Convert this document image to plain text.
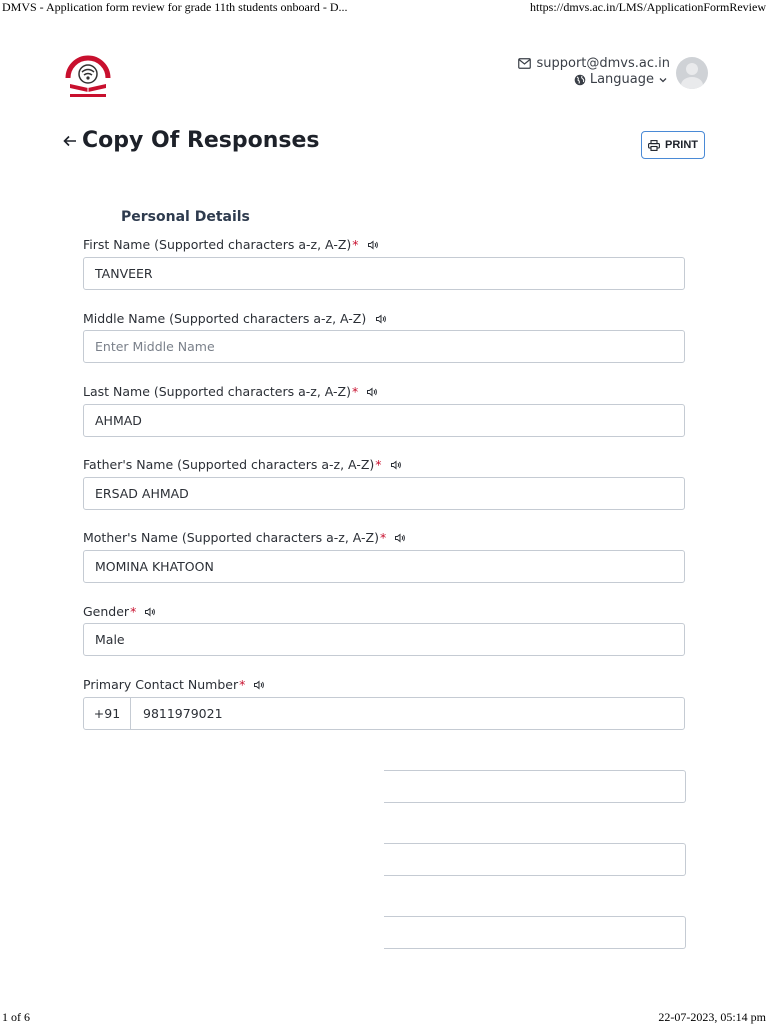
DMVS - Application form review for grade 11th students onboard - D...	https://dmvs.ac.in/LMS/ApplicationFormReview
support@dmvs.ac.in
Language
Copy Of Responses	PRINT
Personal Details
First Name (Supported characters a-z, A-Z) *
TANVEER
Middle Name (Supported characters a-z, A-Z)
Enter Middle Name
Last Name (Supported characters a-z, A-Z) *
AHMAD
Father's Name (Supported characters a-z, A-Z) *
ERSAD AHMAD
Mother's Name (Supported characters a-z, A-Z) *
MOMINA KHATOON
Gender *
Male
Primary Contact Number *
+91	9811979021
1 of 6	22-07-2023, 05:14 pm
